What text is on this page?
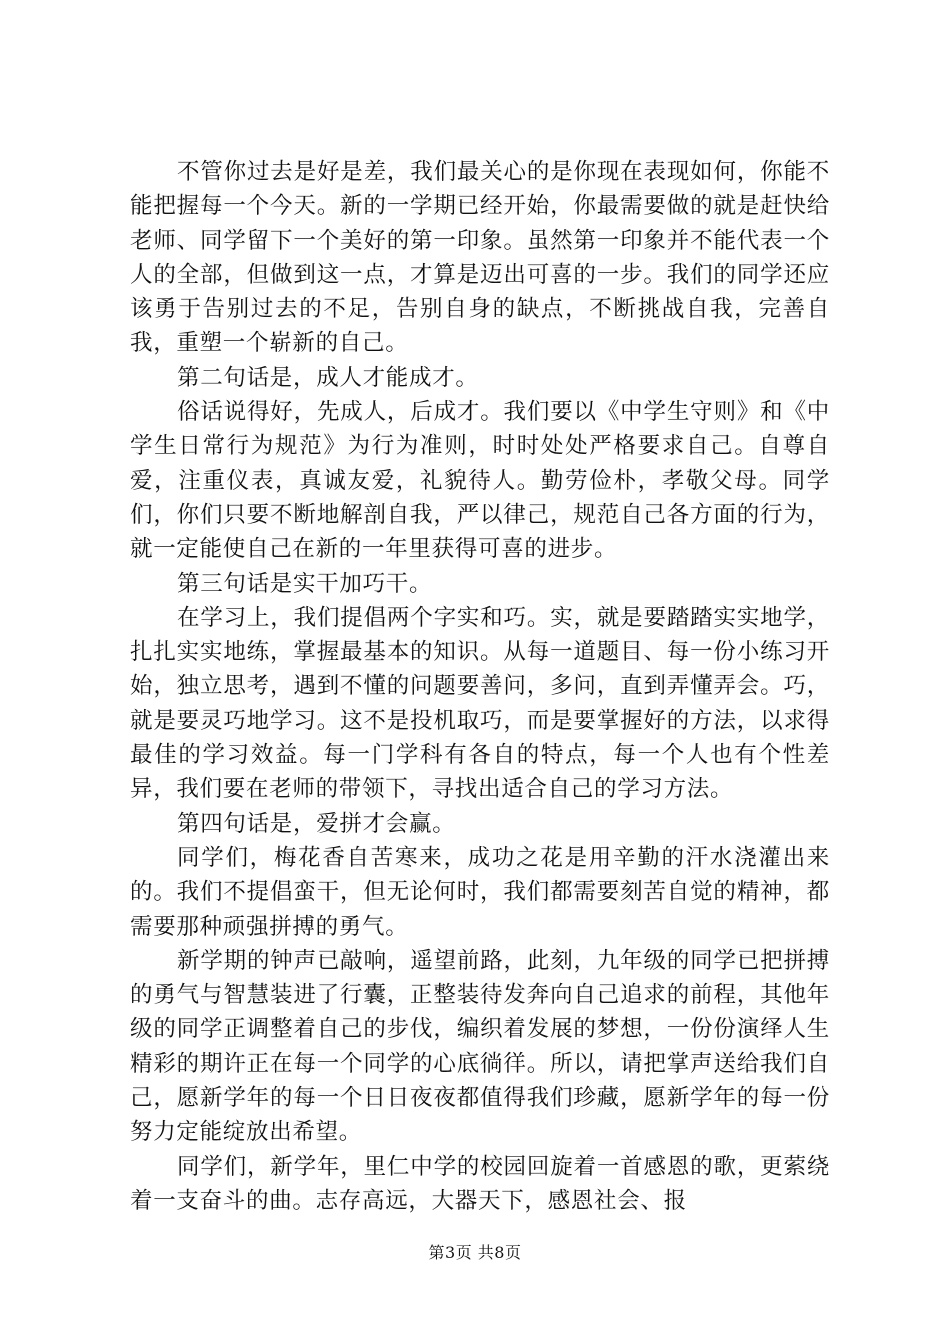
不管你过去是好是差，我们最关心的是你现在表现如何，你能不能把握每一个今天。新的一学期已经开始，你最需要做的就是赶快给老师、同学留下一个美好的第一印象。虽然第一印象并不能代表一个人的全部，但做到这一点，才算是迈出可喜的一步。我们的同学还应该勇于告别过去的不足，告别自身的缺点，不断挑战自我，完善自我，重塑一个崭新的自己。

第二句话是，成人才能成才。

俗话说得好，先成人，后成才。我们要以《中学生守则》和《中学生日常行为规范》为行为准则，时时处处严格要求自己。自尊自爱，注重仪表，真诚友爱，礼貌待人。勤劳俭朴，孝敬父母。同学们，你们只要不断地解剖自我，严以律己，规范自己各方面的行为，就一定能使自己在新的一年里获得可喜的进步。

第三句话是实干加巧干。

在学习上，我们提倡两个字实和巧。实，就是要踏踏实实地学，扎扎实实地练，掌握最基本的知识。从每一道题目、每一份小练习开始，独立思考，遇到不懂的问题要善问，多问，直到弄懂弄会。巧，就是要灵巧地学习。这不是投机取巧，而是要掌握好的方法，以求得最佳的学习效益。每一门学科有各自的特点，每一个人也有个性差异，我们要在老师的带领下，寻找出适合自己的学习方法。

第四句话是，爱拼才会赢。

同学们，梅花香自苦寒来，成功之花是用辛勤的汗水浇灌出来的。我们不提倡蛮干，但无论何时，我们都需要刻苦自觉的精神，都需要那种顽强拼搏的勇气。

新学期的钟声已敲响，遥望前路，此刻，九年级的同学已把拼搏的勇气与智慧装进了行囊，正整装待发奔向自己追求的前程，其他年级的同学正调整着自己的步伐，编织着发展的梦想，一份份演绎人生精彩的期许正在每一个同学的心底徜徉。所以，请把掌声送给我们自己，愿新学年的每一个日日夜夜都值得我们珍藏，愿新学年的每一份努力定能绽放出希望。

同学们，新学年，里仁中学的校园回旋着一首感恩的歌，更萦绕着一支奋斗的曲。志存高远，大器天下，感恩社会、报

第3页 共8页
